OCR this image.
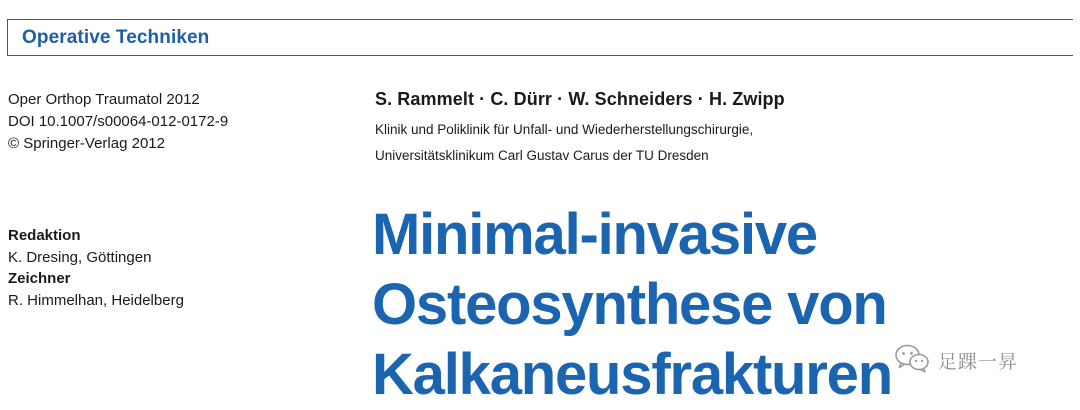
Operative Techniken
Oper Orthop Traumatol 2012
DOI 10.1007/s00064-012-0172-9
© Springer-Verlag 2012
Redaktion
K. Dresing, Göttingen
Zeichner
R. Himmelhan, Heidelberg
S. Rammelt · C. Dürr · W. Schneiders · H. Zwipp
Klinik und Poliklinik für Unfall- und Wiederherstellungschirurgie,
Universitätsklinikum Carl Gustav Carus der TU Dresden
Minimal-invasive
Osteosynthese von
Kalkaneusfrakturen 足踝一昇
